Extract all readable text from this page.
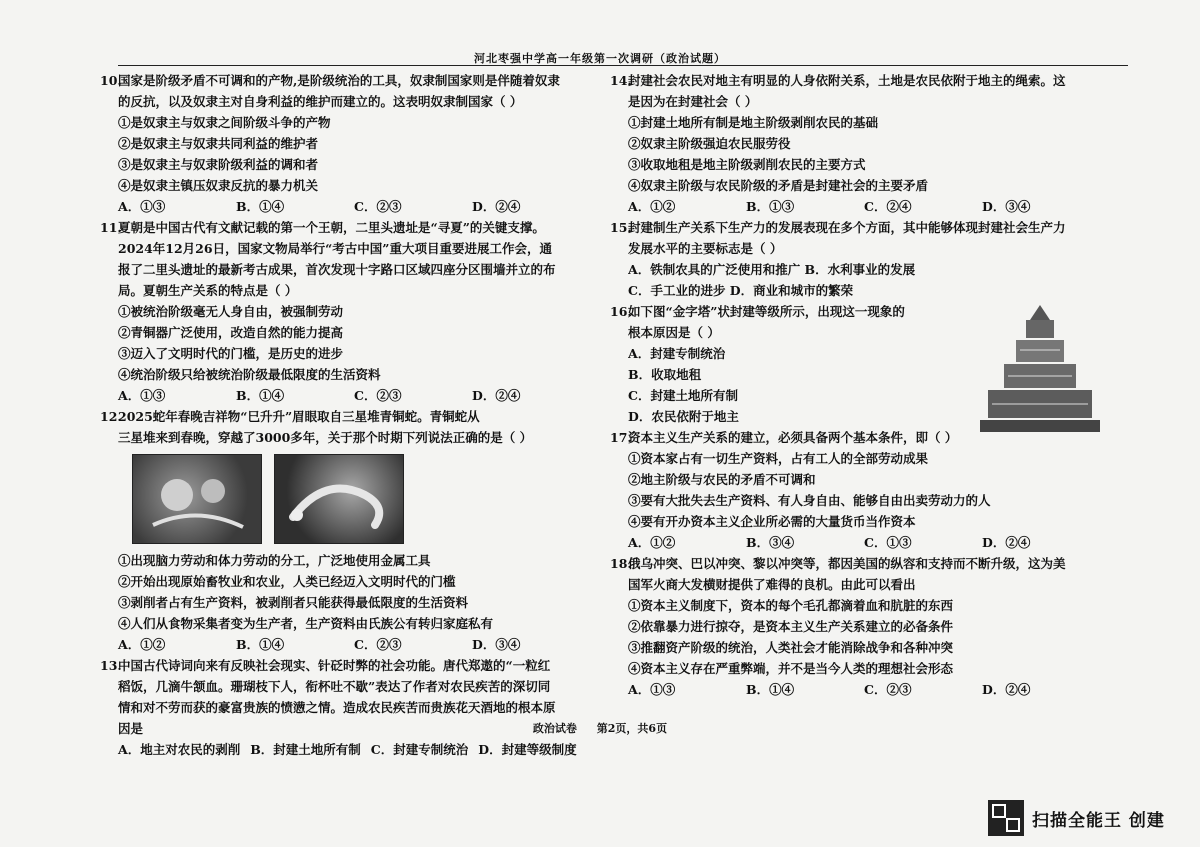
河北枣强中学高一年级第一次调研（政治试题）
10.

国家是阶级矛盾不可调和的产物,是阶级统治的工具，奴隶制国家则是伴随着奴隶

的反抗，以及奴隶主对自身利益的维护而建立的。这表明奴隶制国家（ ）

①是奴隶主与奴隶之间阶级斗争的产物

②是奴隶主与奴隶共同利益的维护者

③是奴隶主与奴隶阶级利益的调和者

④是奴隶主镇压奴隶反抗的暴力机关

A．①③	B．①④	C．②③	D．②④
11.

夏朝是中国古代有文献记载的第一个王朝，二里头遗址是“寻夏”的关键支撑。

2024年12月26日，国家文物局举行“考古中国”重大项目重要进展工作会，通

报了二里头遗址的最新考古成果，首次发现十字路口区域四座分区围墙并立的布

局。夏朝生产关系的特点是（ ）

①被统治阶级毫无人身自由，被强制劳动

②青铜器广泛使用，改造自然的能力提高

③迈入了文明时代的门槛，是历史的进步

④统治阶级只给被统治阶级最低限度的生活资料

A．①③	B．①④	C．②③	D．②④
12.

2025蛇年春晚吉祥物“巳升升”眉眼取自三星堆青铜蛇。青铜蛇从

三星堆来到春晚，穿越了3000多年，关于那个时期下列说法正确的是（ ）

①出现脑力劳动和体力劳动的分工，广泛地使用金属工具

②开始出现原始畜牧业和农业，人类已经迈入文明时代的门槛

③剥削者占有生产资料，被剥削者只能获得最低限度的生活资料

④人们从食物采集者变为生产者，生产资料由氏族公有转归家庭私有

A．①②	B．①④	C．②③	D．③④
13.

中国古代诗词向来有反映社会现实、针砭时弊的社会功能。唐代郑遨的“一粒红

稻饭，几滴牛颔血。珊瑚枝下人，衔杯吐不歇”表达了作者对农民疾苦的深切同

情和对不劳而获的豪富贵族的愤懑之情。造成农民疾苦而贵族花天酒地的根本原

因是

A．地主对农民的剥削 B．封建土地所有制 C．封建专制统治 D．封建等级制度
14.

封建社会农民对地主有明显的人身依附关系，土地是农民依附于地主的绳索。这

是因为在封建社会（ ）

①封建土地所有制是地主阶级剥削农民的基础

②奴隶主阶级强迫农民服劳役

③收取地租是地主阶级剥削农民的主要方式

④奴隶主阶级与农民阶级的矛盾是封建社会的主要矛盾

A．①②	B．①③	C．②④	D．③④
15.

封建制生产关系下生产力的发展表现在多个方面，其中能够体现封建社会生产力

发展水平的主要标志是（ ）

A．铁制农具的广泛使用和推广 B．水利事业的发展

C．手工业的进步 D．商业和城市的繁荣

16.

如下图“金字塔”状封建等级所示，出现这一现象的

根本原因是（ ）

A．封建专制统治

B．收取地租

C．封建土地所有制

D．农民依附于地主

17.

资本主义生产关系的建立，必须具备两个基本条件，即（ ）

①资本家占有一切生产资料，占有工人的全部劳动成果

②地主阶级与农民的矛盾不可调和

③要有大批失去生产资料、有人身自由、能够自由出卖劳动力的人

④要有开办资本主义企业所必需的大量货币当作资本

A．①②	B．③④	C．①③	D．②④
18.

俄乌冲突、巴以冲突、黎以冲突等，都因美国的纵容和支持而不断升级，这为美

国军火商大发横财提供了难得的良机。由此可以看出

①资本主义制度下，资本的每个毛孔都滴着血和肮脏的东西

②依靠暴力进行掠夺，是资本主义生产关系建立的必备条件

③推翻资产阶级的统治，人类社会才能消除战争和各种冲突

④资本主义存在严重弊端，并不是当今人类的理想社会形态

A．①③	B．①④	C．②③	D．②④
政治试卷 第2页，共6页
扫描全能王 创建
